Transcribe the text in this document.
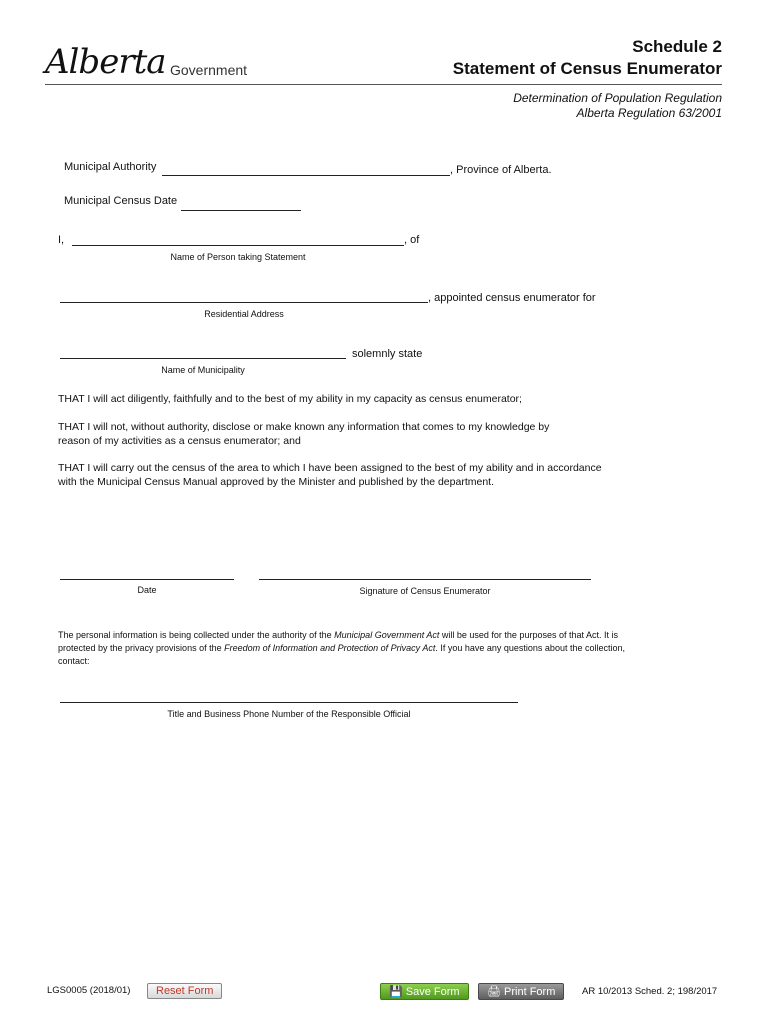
Alberta Government
Schedule 2
Statement of Census Enumerator
Determination of Population Regulation
Alberta Regulation 63/2001
Municipal Authority	, Province of Alberta.
Municipal Census Date
I,	, of
Name of Person taking Statement
, appointed census enumerator for
Residential Address
solemnly state
Name of Municipality
THAT I will act diligently, faithfully and to the best of my ability in my capacity as census enumerator;
THAT I will not, without authority, disclose or make known any information that comes to my knowledge by
reason of my activities as a census enumerator; and
THAT I will carry out the census of the area to which I have been assigned to the best of my ability and in accordance
with the Municipal Census Manual approved by the Minister and published by the department.
Date	Signature of Census Enumerator
The personal information is being collected under the authority of the Municipal Government Act will be used for the purposes of that Act. It is
protected by the privacy provisions of the Freedom of Information and Protection of Privacy Act. If you have any questions about the collection,
contact:
Title and Business Phone Number of the Responsible Official
LGS0005 (2018/01)	Reset Form	💾 Save Form	🖨 Print Form	AR 10/2013 Sched. 2; 198/2017
